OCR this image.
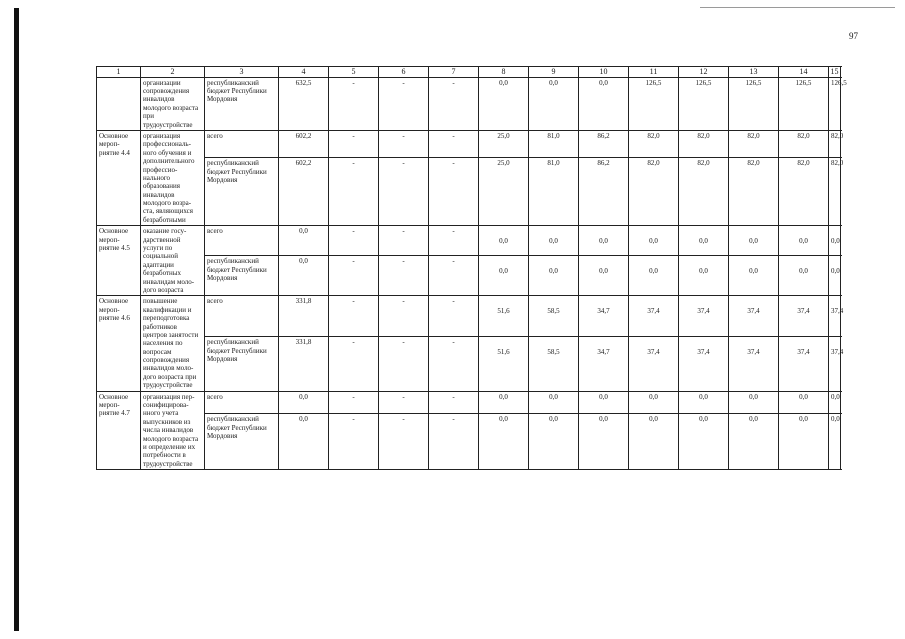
97
1	2	3	4	5	6	7	8	9	10	11	12	13	14	15
	организации сопровождения инвалидов молодого возраста при трудоустройстве	республиканский бюджет Республики Мордовия	632,5	-	-	-	0,0	0,0	0,0	126,5	126,5	126,5	126,5	126,5

Основное мероп-риятие 4.4	организация профессиональ-ного обучения и дополнительного профессио-нального образования инвалидов молодого возра-ста, являющихся безработными	всего	602,2	-	-	-	25,0	81,0	86,2	82,0	82,0	82,0	82,0	82,0

		республиканский бюджет Республики Мордовия	602,2	-	-	-	25,0	81,0	86,2	82,0	82,0	82,0	82,0	82,0

Основное мероп-риятие 4.5	оказание госу-дарственной услуги по социальной адаптации безработных инвалидам моло-дого возраста	всего	0,0	-	-	-	0,0	0,0	0,0	0,0	0,0	0,0	0,0	0,0

		республиканский бюджет Республики Мордовия	0,0	-	-	-	0,0	0,0	0,0	0,0	0,0	0,0	0,0	0,0

Основное мероп-риятие 4.6	повышение квалификации и переподготовка работников центров занятости населения по вопросам сопровождения инвалидов моло-дого возраста при трудоустройстве	всего	331,8	-	-	-	51,6	58,5	34,7	37,4	37,4	37,4	37,4	37,4

		республиканский бюджет Республики Мордовия	331,8	-	-	-	51,6	58,5	34,7	37,4	37,4	37,4	37,4	37,4

Основное мероп-риятие 4.7	организация пер-сонифицирова-нного учета выпускников из числа инвалидов молодого возраста и определение их потребности в трудоустройстве	всего	0,0	-	-	-	0,0	0,0	0,0	0,0	0,0	0,0	0,0	0,0

		республиканский бюджет Республики Мордовия	0,0	-	-	-	0,0	0,0	0,0	0,0	0,0	0,0	0,0	0,0
